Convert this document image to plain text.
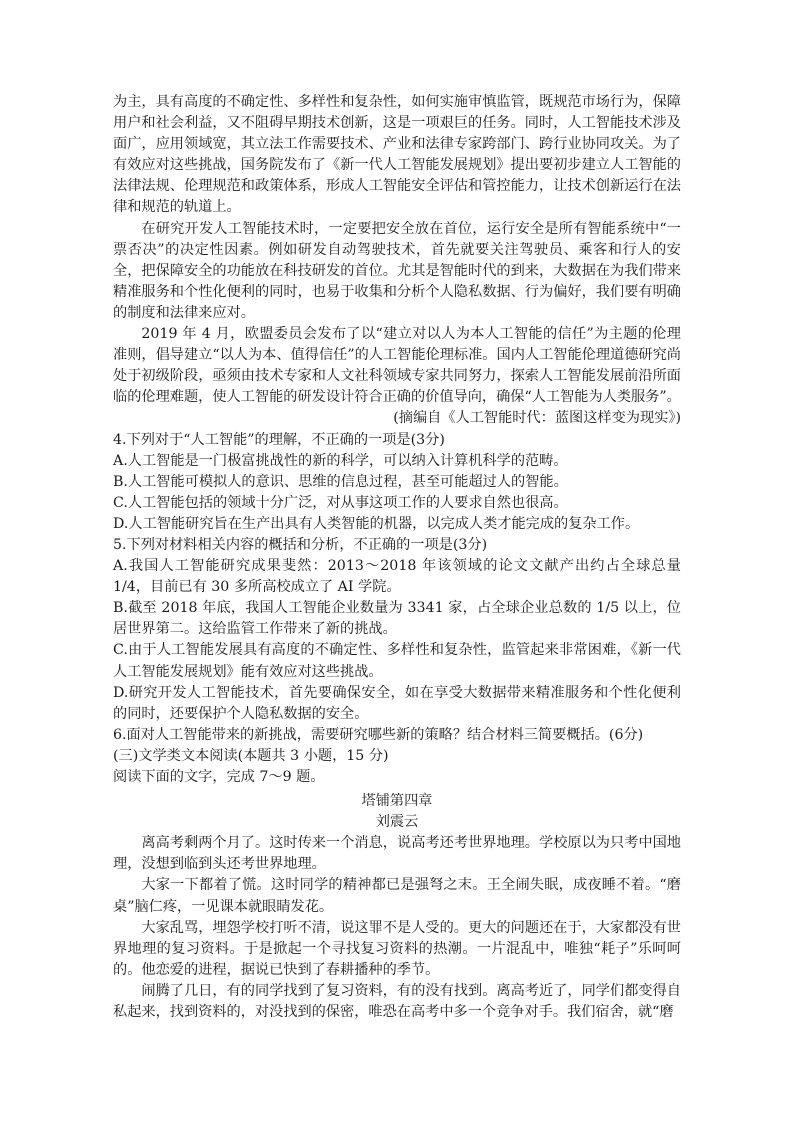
为主，具有高度的不确定性、多样性和复杂性，如何实施审慎监管，既规范市场行为，保障用户和社会利益，又不阻碍早期技术创新，这是一项艰巨的任务。同时，人工智能技术涉及面广，应用领域宽，其立法工作需要技术、产业和法律专家跨部门、跨行业协同攻关。为了有效应对这些挑战，国务院发布了《新一代人工智能发展规划》提出要初步建立人工智能的法律法规、伦理规范和政策体系，形成人工智能安全评估和管控能力，让技术创新运行在法律和规范的轨道上。

在研究开发人工智能技术时，一定要把安全放在首位，运行安全是所有智能系统中“一票否决”的决定性因素。例如研发自动驾驶技术，首先就要关注驾驶员、乘客和行人的安全，把保障安全的功能放在科技研发的首位。尤其是智能时代的到来，大数据在为我们带来精准服务和个性化便利的同时，也易于收集和分析个人隐私数据、行为偏好，我们要有明确的制度和法律来应对。

2019 年 4 月，欧盟委员会发布了以“建立对以人为本人工智能的信任”为主题的伦理准则，倡导建立“以人为本、值得信任”的人工智能伦理标准。国内人工智能伦理道德研究尚处于初级阶段，亟须由技术专家和人文社科领域专家共同努力，探索人工智能发展前沿所面临的伦理难题，使人工智能的研发设计符合正确的价值导向，确保“人工智能为人类服务”。

(摘编自《人工智能时代：蓝图这样变为现实》)

4.下列对于“人工智能”的理解，不正确的一项是(3分)

A.人工智能是一门极富挑战性的新的科学，可以纳入计算机科学的范畴。

B.人工智能可模拟人的意识、思维的信息过程，甚至可能超过人的智能。

C.人工智能包括的领域十分广泛，对从事这项工作的人要求自然也很高。

D.人工智能研究旨在生产出具有人类智能的机器，以完成人类才能完成的复杂工作。

5.下列对材料相关内容的概括和分析，不正确的一项是(3分)

A.我国人工智能研究成果斐然：2013～2018 年该领域的论文文献产出约占全球总量 1/4，目前已有 30 多所高校成立了 AI 学院。

B.截至 2018 年底，我国人工智能企业数量为 3341 家，占全球企业总数的 1/5 以上，位居世界第二。这给监管工作带来了新的挑战。

C.由于人工智能发展具有高度的不确定性、多样性和复杂性，监管起来非常困难，《新一代人工智能发展规划》能有效应对这些挑战。

D.研究开发人工智能技术，首先要确保安全，如在享受大数据带来精准服务和个性化便利的同时，还要保护个人隐私数据的安全。

6.面对人工智能带来的新挑战，需要研究哪些新的策略？结合材料三简要概括。(6分)

(三)文学类文本阅读(本题共 3 小题，15 分)

阅读下面的文字，完成 7～9 题。

塔铺第四章

刘震云

离高考剩两个月了。这时传来一个消息，说高考还考世界地理。学校原以为只考中国地理，没想到临到头还考世界地理。

大家一下都着了慌。这时同学的精神都已是强弩之末。王全闹失眠，成夜睡不着。“磨桌”脑仁疼，一见课本就眼睛发花。

大家乱骂，埋怨学校打听不清，说这罪不是人受的。更大的问题还在于，大家都没有世界地理的复习资料。于是掀起一个寻找复习资料的热潮。一片混乱中，唯独“耗子”乐呵呵的。他恋爱的进程，据说已快到了春耕播种的季节。

闹腾了几日，有的同学找到了复习资料，有的没有找到。离高考近了，同学们都变得自私起来，找到资料的，对没找到的保密，唯恐在高考中多一个竞争对手。我们宿舍，就“磨
